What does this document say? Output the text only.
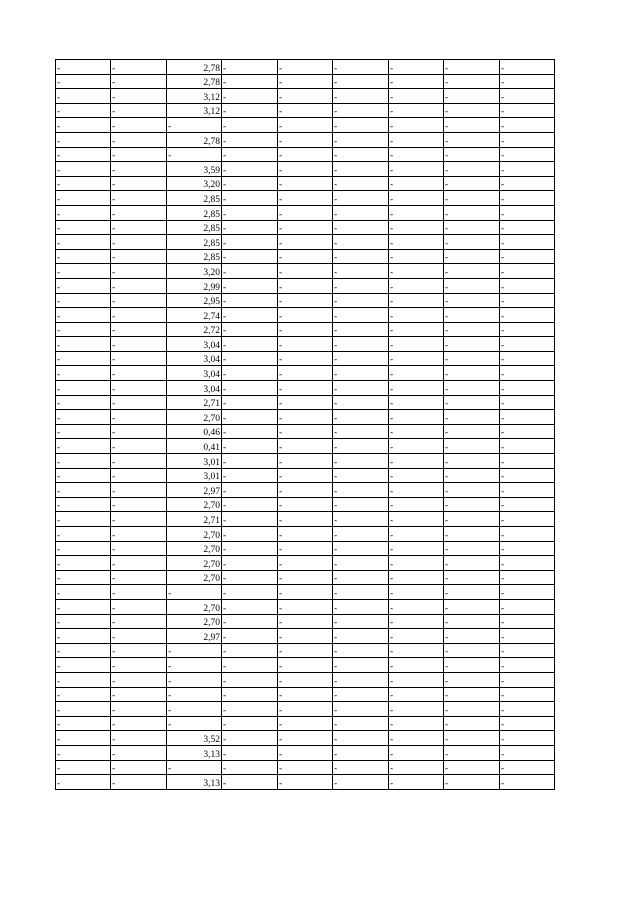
-	-	2,78	-	-	-	-	-	-
-	-	2,78	-	-	-	-	-	-
-	-	3,12	-	-	-	-	-	-
-	-	3,12	-	-	-	-	-	-
-	-	-	-	-	-	-	-	-
-	-	2,78	-	-	-	-	-	-
-	-	-	-	-	-	-	-	-
-	-	3,59	-	-	-	-	-	-
-	-	3,20	-	-	-	-	-	-
-	-	2,85	-	-	-	-	-	-
-	-	2,85	-	-	-	-	-	-
-	-	2,85	-	-	-	-	-	-
-	-	2,85	-	-	-	-	-	-
-	-	2,85	-	-	-	-	-	-
-	-	3,20	-	-	-	-	-	-
-	-	2,99	-	-	-	-	-	-
-	-	2,95	-	-	-	-	-	-
-	-	2,74	-	-	-	-	-	-
-	-	2,72	-	-	-	-	-	-
-	-	3,04	-	-	-	-	-	-
-	-	3,04	-	-	-	-	-	-
-	-	3,04	-	-	-	-	-	-
-	-	3,04	-	-	-	-	-	-
-	-	2,71	-	-	-	-	-	-
-	-	2,70	-	-	-	-	-	-
-	-	0,46	-	-	-	-	-	-
-	-	0,41	-	-	-	-	-	-
-	-	3,01	-	-	-	-	-	-
-	-	3,01	-	-	-	-	-	-
-	-	2,97	-	-	-	-	-	-
-	-	2,70	-	-	-	-	-	-
-	-	2,71	-	-	-	-	-	-
-	-	2,70	-	-	-	-	-	-
-	-	2,70	-	-	-	-	-	-
-	-	2,70	-	-	-	-	-	-
-	-	2,70	-	-	-	-	-	-
-	-	-	-	-	-	-	-	-
-	-	2,70	-	-	-	-	-	-
-	-	2,70	-	-	-	-	-	-
-	-	2,97	-	-	-	-	-	-
-	-	-	-	-	-	-	-	-
-	-	-	-	-	-	-	-	-
-	-	-	-	-	-	-	-	-
-	-	-	-	-	-	-	-	-
-	-	-	-	-	-	-	-	-
-	-	-	-	-	-	-	-	-
-	-	3,52	-	-	-	-	-	-
-	-	3,13	-	-	-	-	-	-
-	-	-	-	-	-	-	-	-
-	-	3,13	-	-	-	-	-	-
